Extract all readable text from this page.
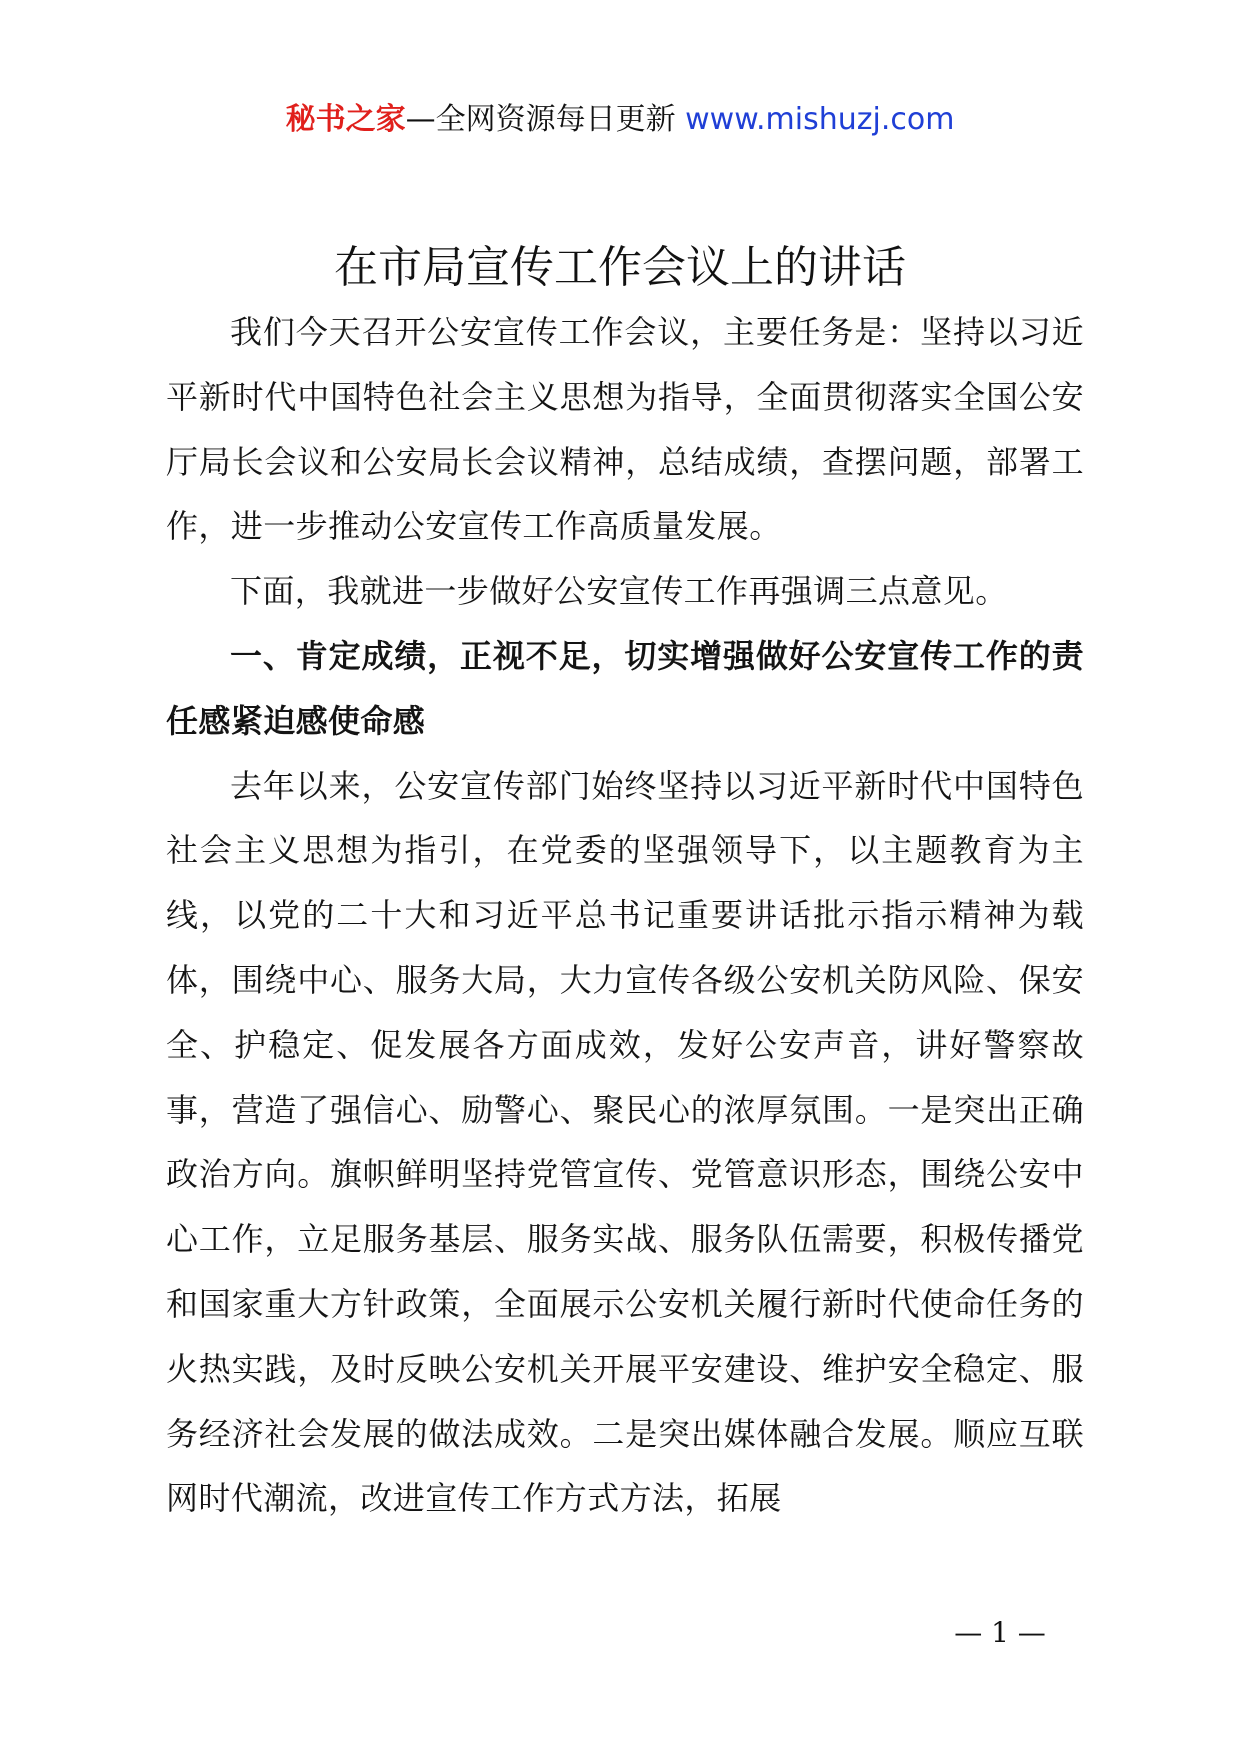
秘书之家—全网资源每日更新 www.mishuzj.com
在市局宣传工作会议上的讲话

我们今天召开公安宣传工作会议，主要任务是：坚持以习近平新时代中国特色社会主义思想为指导，全面贯彻落实全国公安厅局长会议和公安局长会议精神，总结成绩，查摆问题，部署工作，进一步推动公安宣传工作高质量发展。

下面，我就进一步做好公安宣传工作再强调三点意见。

一、肯定成绩，正视不足，切实增强做好公安宣传工作的责任感紧迫感使命感

去年以来，公安宣传部门始终坚持以习近平新时代中国特色社会主义思想为指引，在党委的坚强领导下，以主题教育为主线，以党的二十大和习近平总书记重要讲话批示指示精神为载体，围绕中心、服务大局，大力宣传各级公安机关防风险、保安全、护稳定、促发展各方面成效，发好公安声音，讲好警察故事，营造了强信心、励警心、聚民心的浓厚氛围。一是突出正确政治方向。旗帜鲜明坚持党管宣传、党管意识形态，围绕公安中心工作，立足服务基层、服务实战、服务队伍需要，积极传播党和国家重大方针政策，全面展示公安机关履行新时代使命任务的火热实践，及时反映公安机关开展平安建设、维护安全稳定、服务经济社会发展的做法成效。二是突出媒体融合发展。顺应互联网时代潮流，改进宣传工作方式方法，拓展

— 1 —
